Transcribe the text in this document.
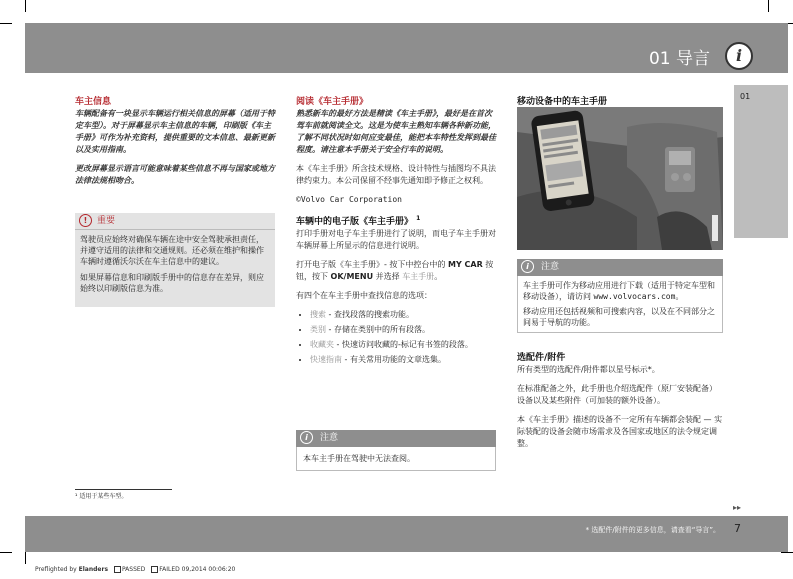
01 导言	i
01
车主信息
车辆配备有一块显示车辆运行相关信息的屏幕（适用于特定车型）。对于屏幕显示车主信息的车辆，印刷版《车主手册》可作为补充资料，提供重要的文本信息、最新更新以及实用指南。
更改屏幕显示语言可能意味着某些信息不再与国家或地方法律法规相吻合。
! 重要
驾驶员应始终对确保车辆在途中安全驾驶承担责任，并遵守适用的法律和交通规则。还必须在维护和操作车辆时遵循沃尔沃在车主信息中的建议。
如果屏幕信息和印刷版手册中的信息存在差异，则应始终以印刷版信息为准。
¹ 适用于某些车型。
阅读《车主手册》
熟悉新车的最好方法是精读《车主手册》，最好是在首次驾车前就阅读全文。这是为使车主熟知车辆各种新功能，了解不同状况时如何应变最佳，能把本车特性发挥到最佳程度。请注意本手册关于安全行车的说明。
本《车主手册》所含技术规格、设计特性与插图均不具法律约束力。本公司保留不经事先通知即予修正之权利。
©Volvo Car Corporation
车辆中的电子版《车主手册》 $^1$
打印手册对电子车主手册进行了说明，而电子车主手册对车辆屏幕上所显示的信息进行说明。
打开电子版《车主手册》- 按下中控台中的 MY CAR 按钮，按下 OK/MENU 并选择 车主手册。
有四个在车主手册中查找信息的选项：
• 搜索 - 查找段落的搜索功能。
• 类别 - 存储在类别中的所有段落。
• 收藏夹 - 快速访问收藏的-标记有书签的段落。
• 快速指南 - 有关常用功能的文章选集。
i 注意
本车主手册在驾驶中无法查阅。
移动设备中的车主手册
i 注意
车主手册可作为移动应用进行下载（适用于特定车型和移动设备），请访问 www.volvocars.com。
移动应用还包括视频和可搜索内容，以及在不同部分之间易于导航的功能。
选配件/附件
所有类型的选配件/附件都以星号标示*。
在标准配备之外，此手册也介绍选配件（原厂安装配备）设备以及某些附件（可加装的额外设备）。
本《车主手册》描述的设备不一定所有车辆都会装配 — 实际装配的设备会随市场需求及各国家或地区的法令规定调整。
▸▸
* 选配件/附件的更多信息，请查看“导言”。 7
Preflighted by Elanders PASSED FAILED 09,2014 00:06:20
